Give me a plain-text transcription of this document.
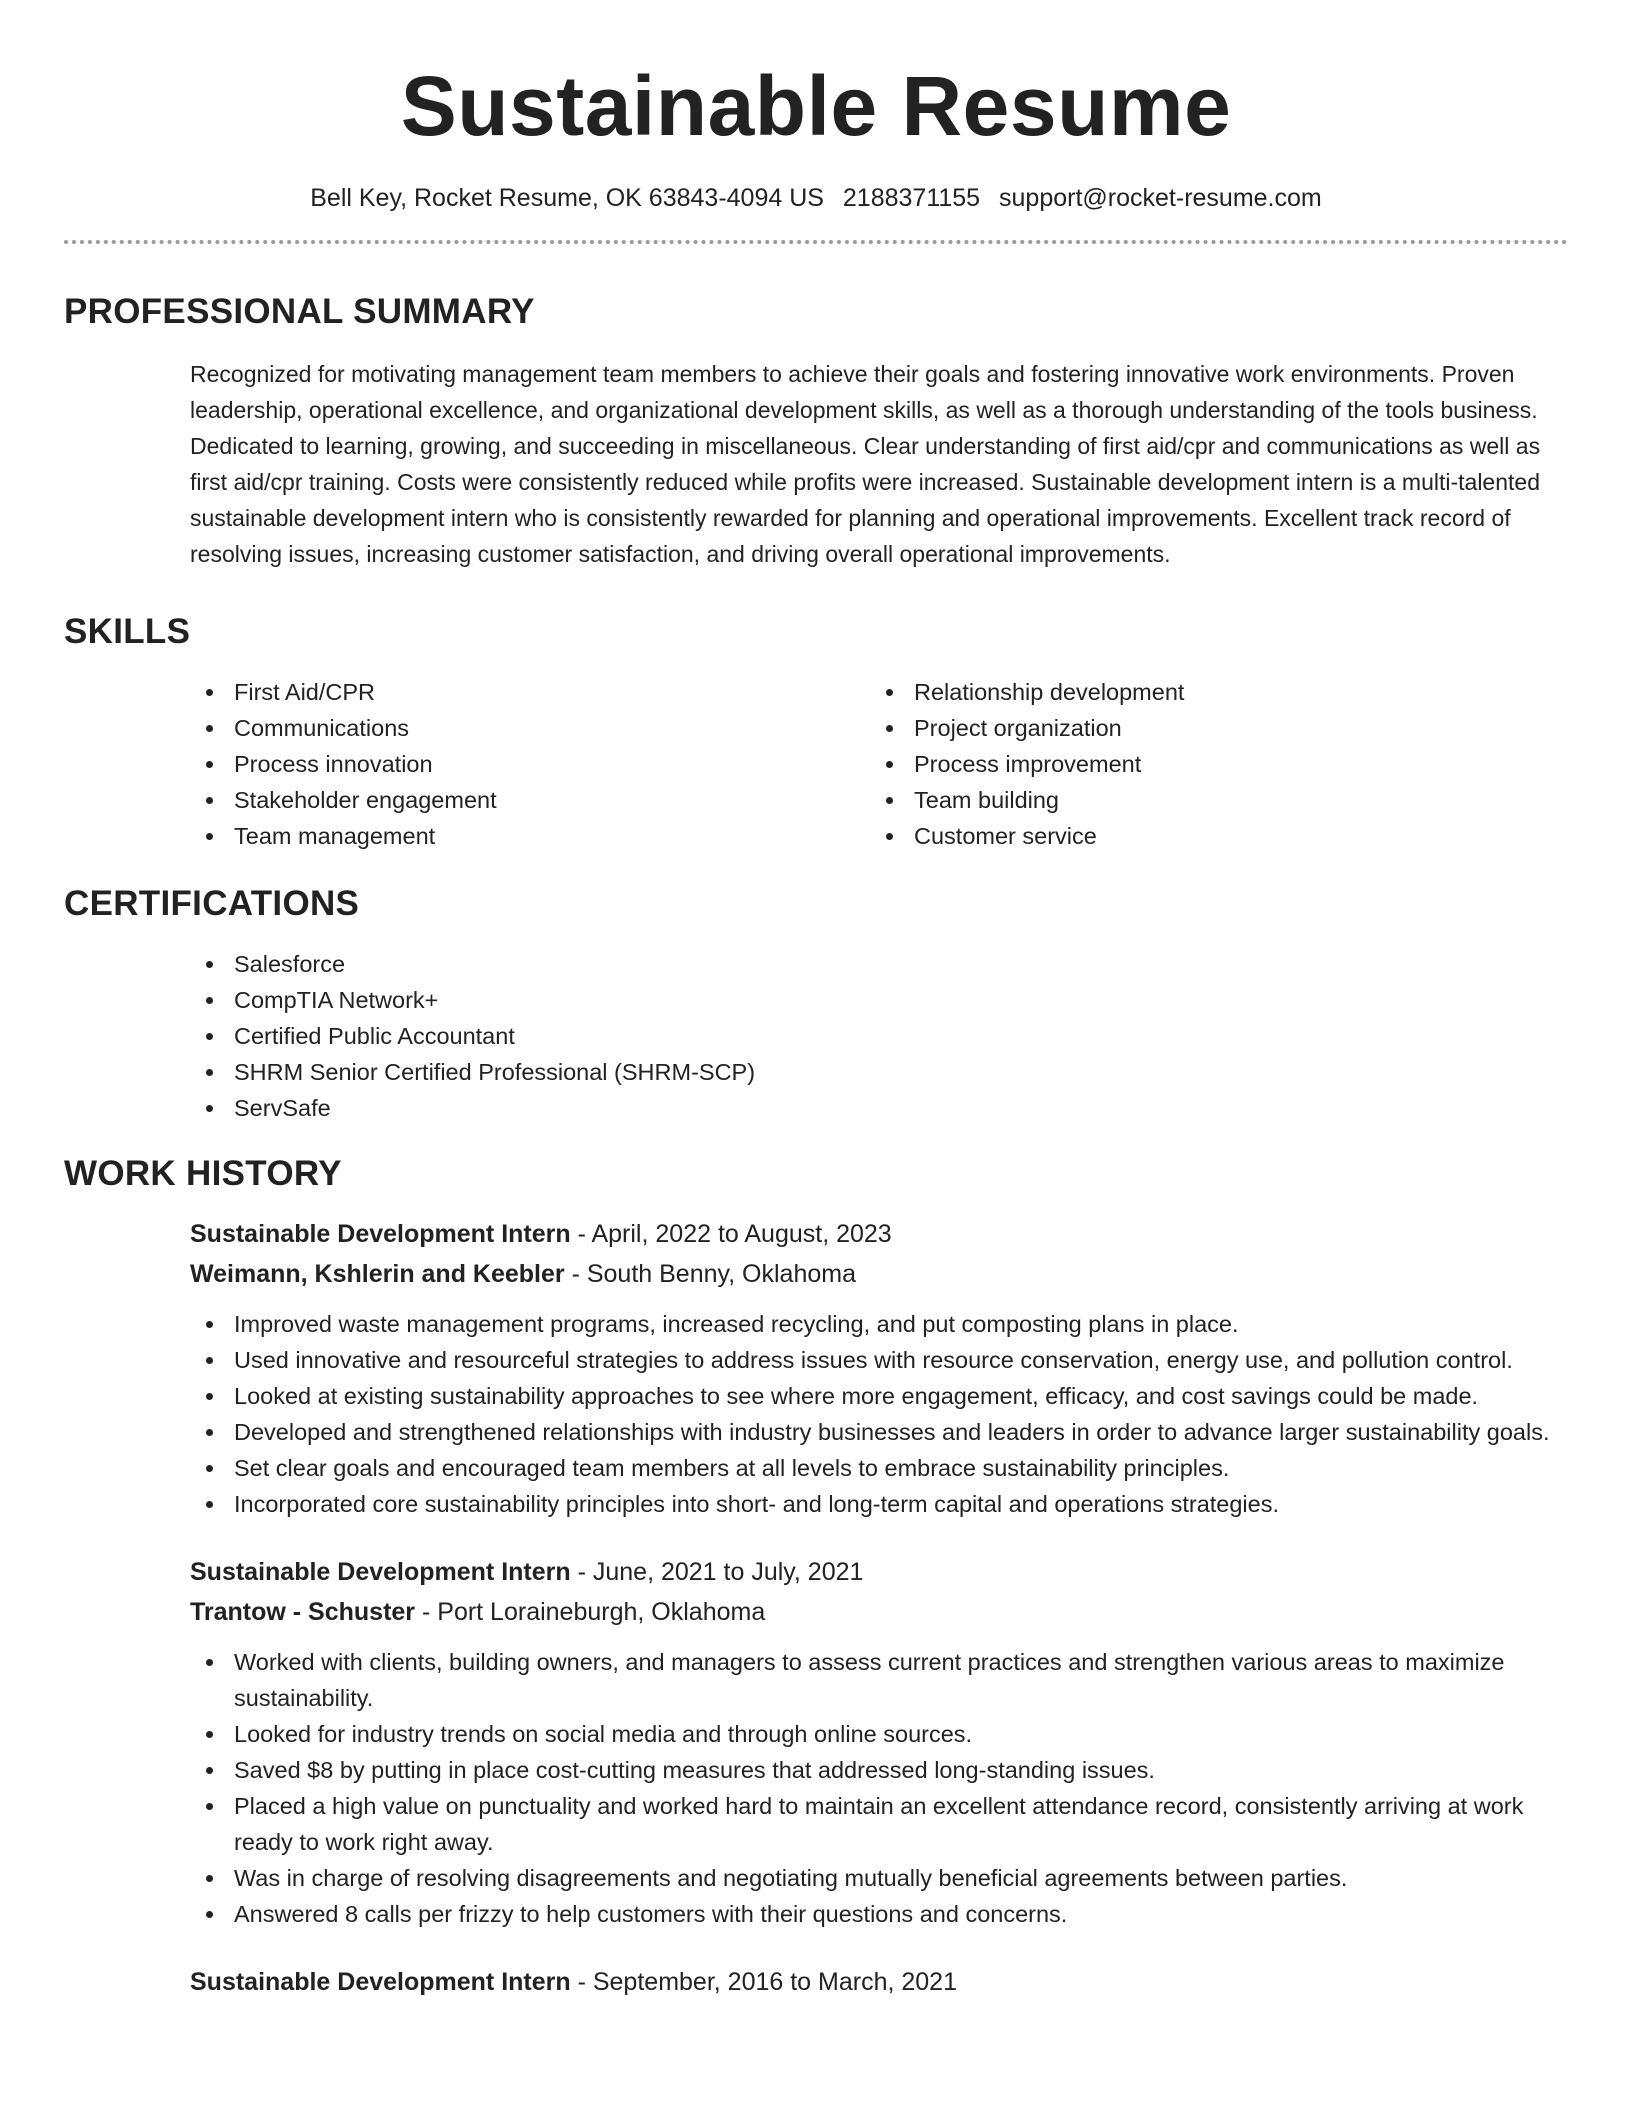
Sustainable Resume
Bell Key, Rocket Resume, OK 63843-4094 US 2188371155 support@rocket-resume.com
PROFESSIONAL SUMMARY

Recognized for motivating management team members to achieve their goals and fostering innovative work environments. Proven leadership, operational excellence, and organizational development skills, as well as a thorough understanding of the tools business. Dedicated to learning, growing, and succeeding in miscellaneous. Clear understanding of first aid/cpr and communications as well as first aid/cpr training. Costs were consistently reduced while profits were increased. Sustainable development intern is a multi-talented sustainable development intern who is consistently rewarded for planning and operational improvements. Excellent track record of resolving issues, increasing customer satisfaction, and driving overall operational improvements.

SKILLS
First Aid/CPR
Communications
Process innovation
Stakeholder engagement
Team management
Relationship development
Project organization
Process improvement
Team building
Customer service
CERTIFICATIONS
Salesforce
CompTIA Network+
Certified Public Accountant
SHRM Senior Certified Professional (SHRM-SCP)
ServSafe
WORK HISTORY
Sustainable Development Intern - April, 2022 to August, 2023
Weimann, Kshlerin and Keebler - South Benny, Oklahoma
Improved waste management programs, increased recycling, and put composting plans in place.
Used innovative and resourceful strategies to address issues with resource conservation, energy use, and pollution control.
Looked at existing sustainability approaches to see where more engagement, efficacy, and cost savings could be made.
Developed and strengthened relationships with industry businesses and leaders in order to advance larger sustainability goals.
Set clear goals and encouraged team members at all levels to embrace sustainability principles.
Incorporated core sustainability principles into short- and long-term capital and operations strategies.
Sustainable Development Intern - June, 2021 to July, 2021
Trantow - Schuster - Port Loraineburgh, Oklahoma
Worked with clients, building owners, and managers to assess current practices and strengthen various areas to maximize sustainability.
Looked for industry trends on social media and through online sources.
Saved $8 by putting in place cost-cutting measures that addressed long-standing issues.
Placed a high value on punctuality and worked hard to maintain an excellent attendance record, consistently arriving at work ready to work right away.
Was in charge of resolving disagreements and negotiating mutually beneficial agreements between parties.
Answered 8 calls per frizzy to help customers with their questions and concerns.
Sustainable Development Intern - September, 2016 to March, 2021
